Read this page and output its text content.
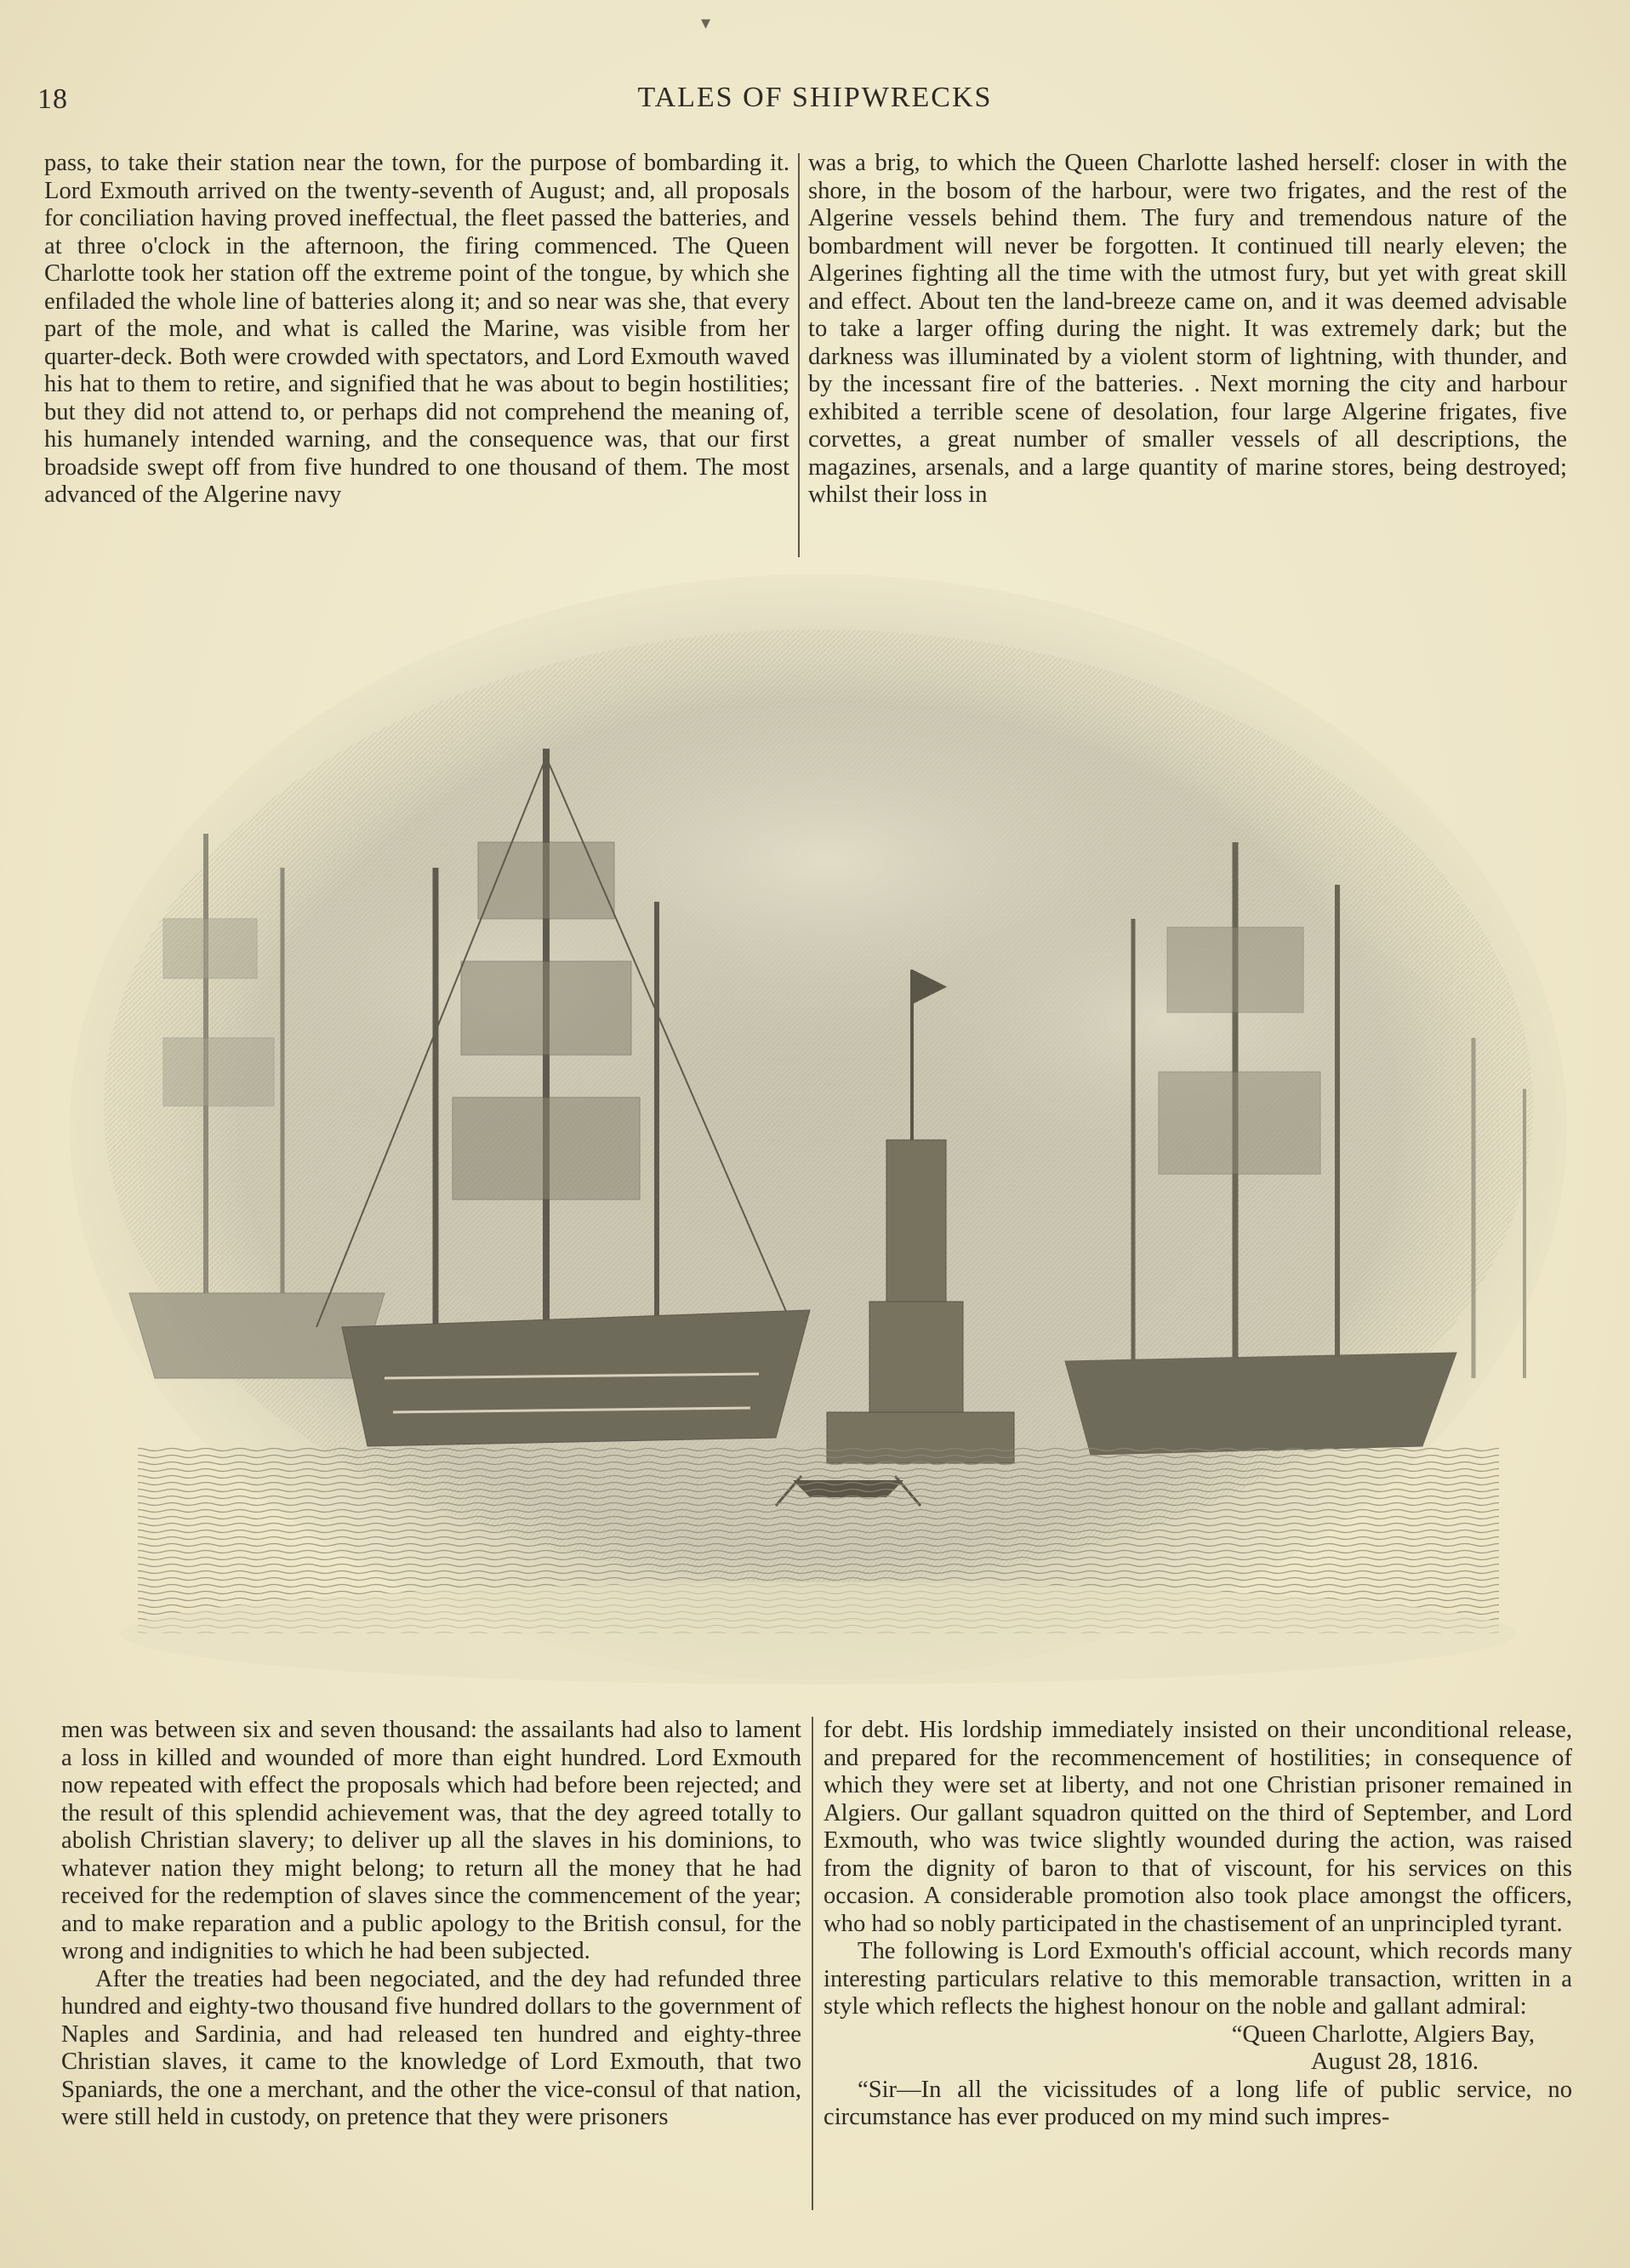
▾
18	TALES OF SHIPWRECKS

pass, to take their station near the town, for the purpose of bombarding it. Lord Exmouth arrived on the twenty-seventh of August; and, all proposals for conciliation having proved ineffectual, the fleet passed the batteries, and at three o'clock in the afternoon, the firing commenced. The Queen Charlotte took her station off the extreme point of the tongue, by which she enfiladed the whole line of batteries along it; and so near was she, that every part of the mole, and what is called the Marine, was visible from her quarter-deck. Both were crowded with spectators, and Lord Exmouth waved his hat to them to retire, and signified that he was about to begin hostilities; but they did not attend to, or perhaps did not comprehend the meaning of, his humanely intended warning, and the consequence was, that our first broadside swept off from five hundred to one thousand of them. The most advanced of the Algerine navy

was a brig, to which the Queen Charlotte lashed herself: closer in with the shore, in the bosom of the harbour, were two frigates, and the rest of the Algerine vessels behind them. The fury and tremendous nature of the bombardment will never be forgotten. It continued till nearly eleven; the Algerines fighting all the time with the utmost fury, but yet with great skill and effect. About ten the land-breeze came on, and it was deemed advisable to take a larger offing during the night. It was extremely dark; but the darkness was illuminated by a violent storm of lightning, with thunder, and by the incessant fire of the batteries. . Next morning the city and harbour exhibited a terrible scene of desolation, four large Algerine frigates, five corvettes, a great number of smaller vessels of all descriptions, the magazines, arsenals, and a large quantity of marine stores, being destroyed; whilst their loss in

men was between six and seven thousand: the assailants had also to lament a loss in killed and wounded of more than eight hundred. Lord Exmouth now repeated with effect the proposals which had before been rejected; and the result of this splendid achievement was, that the dey agreed totally to abolish Christian slavery; to deliver up all the slaves in his dominions, to whatever nation they might belong; to return all the money that he had received for the redemption of slaves since the commencement of the year; and to make reparation and a public apology to the British consul, for the wrong and indignities to which he had been subjected.

After the treaties had been negociated, and the dey had refunded three hundred and eighty-two thousand five hundred dollars to the government of Naples and Sardinia, and had released ten hundred and eighty-three Christian slaves, it came to the knowledge of Lord Exmouth, that two Spaniards, the one a merchant, and the other the vice-consul of that nation, were still held in custody, on pretence that they were prisoners

for debt. His lordship immediately insisted on their unconditional release, and prepared for the recommencement of hostilities; in consequence of which they were set at liberty, and not one Christian prisoner remained in Algiers. Our gallant squadron quitted on the third of September, and Lord Exmouth, who was twice slightly wounded during the action, was raised from the dignity of baron to that of viscount, for his services on this occasion. A considerable promotion also took place amongst the officers, who had so nobly participated in the chastisement of an unprincipled tyrant.

The following is Lord Exmouth's official account, which records many interesting particulars relative to this memorable transaction, written in a style which reflects the highest honour on the noble and gallant admiral:

“Queen Charlotte, Algiers Bay,

August 28, 1816.

“Sir—In all the vicissitudes of a long life of public service, no circumstance has ever produced on my mind such impres-
